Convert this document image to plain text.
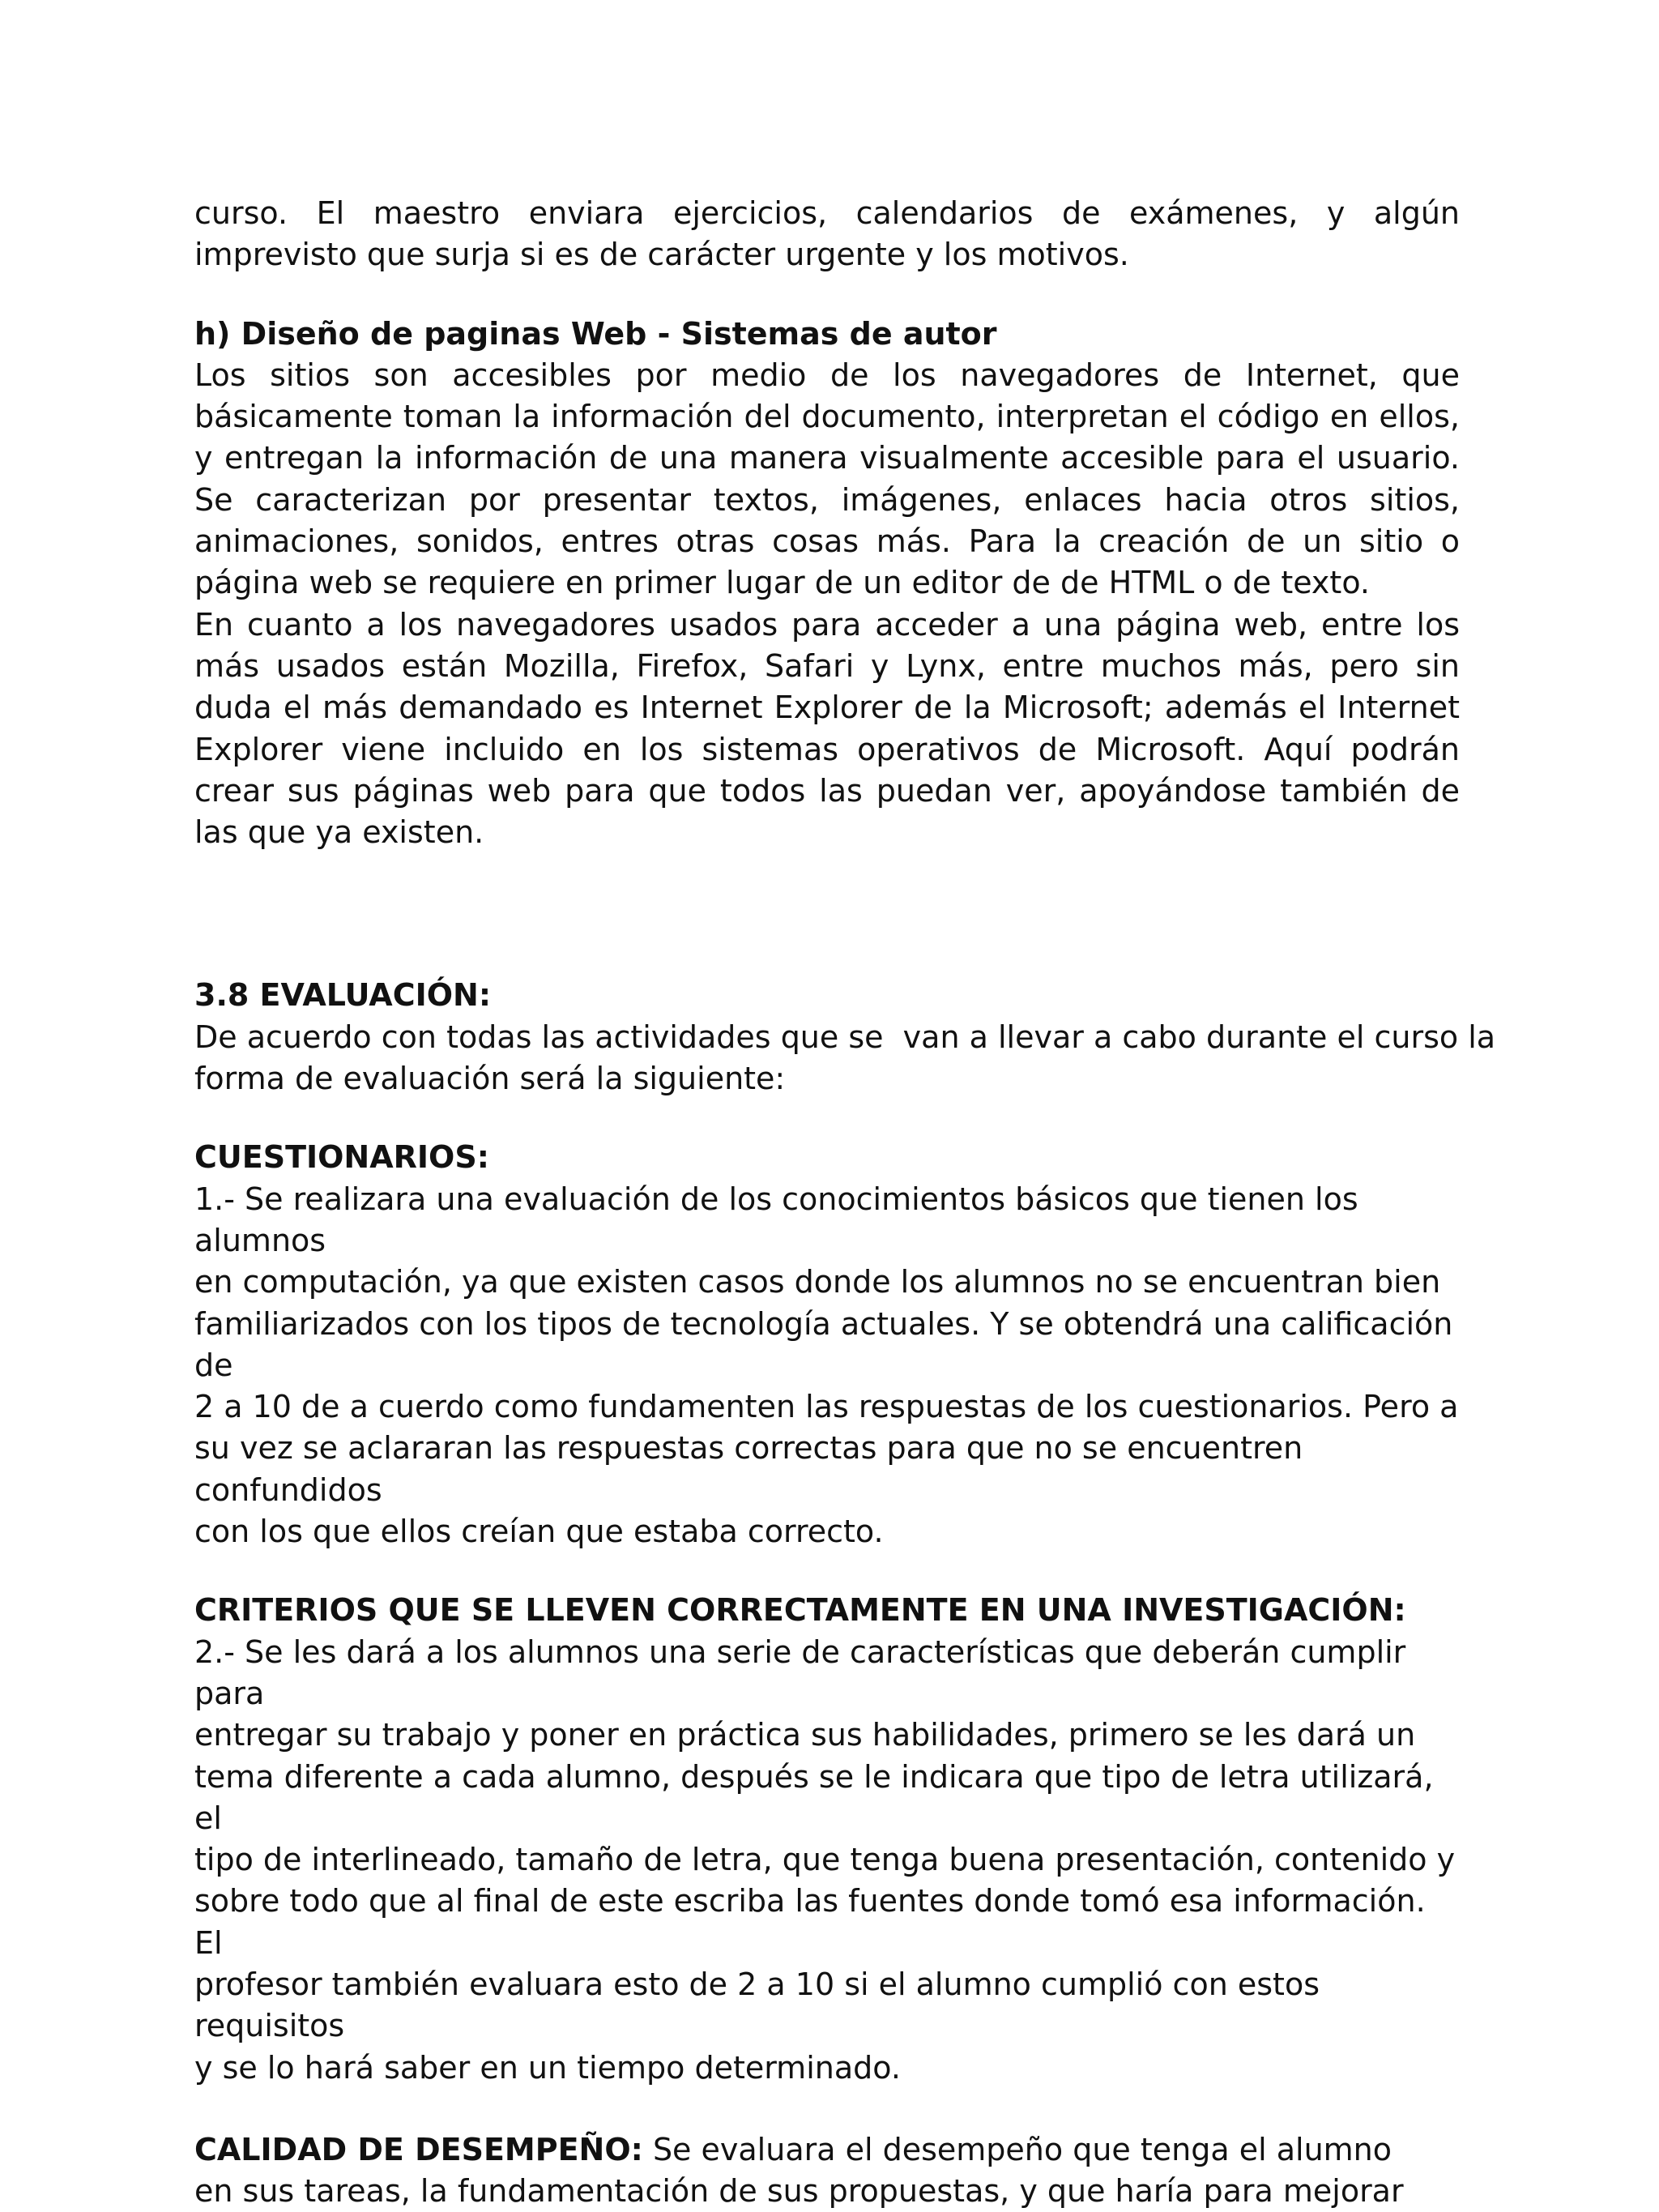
curso. El maestro enviara ejercicios, calendarios de exámenes, y algún imprevisto que surja si es de carácter urgente y los motivos.

h) Diseño de paginas Web - Sistemas de autor

Los sitios son accesibles por medio de los navegadores de Internet, que básicamente toman la información del documento, interpretan el código en ellos, y entregan la información de una manera visualmente accesible para el usuario. Se caracterizan por presentar textos, imágenes, enlaces hacia otros sitios, animaciones, sonidos, entres otras cosas más. Para la creación de un sitio o página web se requiere en primer lugar de un editor de de HTML o de texto.

En cuanto a los navegadores usados para acceder a una página web, entre los más usados están Mozilla, Firefox, Safari y Lynx, entre muchos más, pero sin duda el más demandado es Internet Explorer de la Microsoft; además el Internet Explorer viene incluido en los sistemas operativos de Microsoft. Aquí podrán crear sus páginas web para que todos las puedan ver, apoyándose también de las que ya existen.

3.8 EVALUACIÓN:

De acuerdo con todas las actividades que se  van a llevar a cabo durante el curso la

forma de evaluación será la siguiente:

CUESTIONARIOS:

1.- Se realizara una evaluación de los conocimientos básicos que tienen los alumnos

en computación, ya que existen casos donde los alumnos no se encuentran bien

familiarizados con los tipos de tecnología actuales. Y se obtendrá una calificación de

2 a 10 de a cuerdo como fundamenten las respuestas de los cuestionarios. Pero a

su vez se aclararan las respuestas correctas para que no se encuentren confundidos

con los que ellos creían que estaba correcto.

CRITERIOS QUE SE LLEVEN CORRECTAMENTE EN UNA INVESTIGACIÓN:

2.- Se les dará a los alumnos una serie de características que deberán cumplir para

entregar su trabajo y poner en práctica sus habilidades, primero se les dará un

tema diferente a cada alumno, después se le indicara que tipo de letra utilizará, el

tipo de interlineado, tamaño de letra, que tenga buena presentación, contenido y

sobre todo que al final de este escriba las fuentes donde tomó esa información. El

profesor también evaluara esto de 2 a 10 si el alumno cumplió con estos requisitos

y se lo hará saber en un tiempo determinado.

CALIDAD DE DESEMPEÑO: Se evaluara el desempeño que tenga el alumno

en sus tareas, la fundamentación de sus propuestas, y que haría para mejorar
